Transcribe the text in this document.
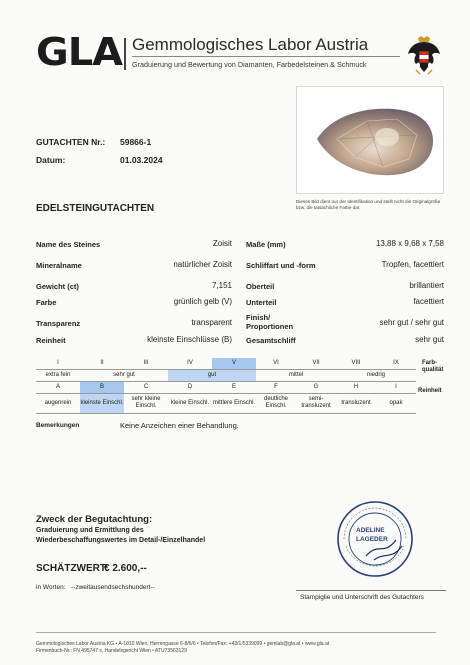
GLA Gemmologisches Labor Austria
Graduierung und Bewertung von Diamanten, Farbedelsteinen & Schmuck
GUTACHTEN Nr.: 59866-1
Datum:	01.03.2024
Dieses Bild dient nur der Identifikation und stellt nicht die Originalgröße bzw. die tatsächliche Farbe dar.
EDELSTEINGUTACHTEN
Name des Steines	Zoisit
Mineralname	natürlicher Zoisit
Gewicht (ct)	7,151
Farbe	grünlich gelb (V)
Transparenz	transparent
Reinheit	kleinste Einschlüsse (B)
Maße (mm)	13,88 x 9,68 x 7,58
Schliffart und -form	Tropfen, facettiert
Oberteil	brillantiert
Unterteil	facettiert
Finish/ Proportionen	sehr gut / sehr gut
Gesamtschliff	sehr gut
I	II	III	IV	V	VI	VII	VIII	IX
extra fein	sehr gut		gut		mittel		niedrig	
Farb-qualität
A	B	C	D	E	F	G	H	I
augenrein	kleinste Einschl.	sehr kleine Einschl.	kleine Einschl.	mittlere Einschl.	deutliche Einschl.	semi-transluzent	transluzent	opak
Reinheit
Bemerkungen	Keine Anzeichen einer Behandlung.
Zweck der Begutachtung:
Graduierung und Ermittlung des
Wiederbeschaffungswertes im Detail-/Einzelhandel
SCHÄTZWERT:
€ 2.600,--
in Worten: --zweitausendsechshundert--
ADELINE
LAGEDER
Stampiglie und Unterschrift des Gutachters
Gemmologisches Labor Austria KG • A-1010 Wien, Herrengasse 6-8/6/6 • Telefon/Fax: +43/1/5339099 • gemlab@gla.at • www.gla.at
Firmenbuch-Nr.: FN 495747 s, Handelsgericht Wien • ATU73563129
